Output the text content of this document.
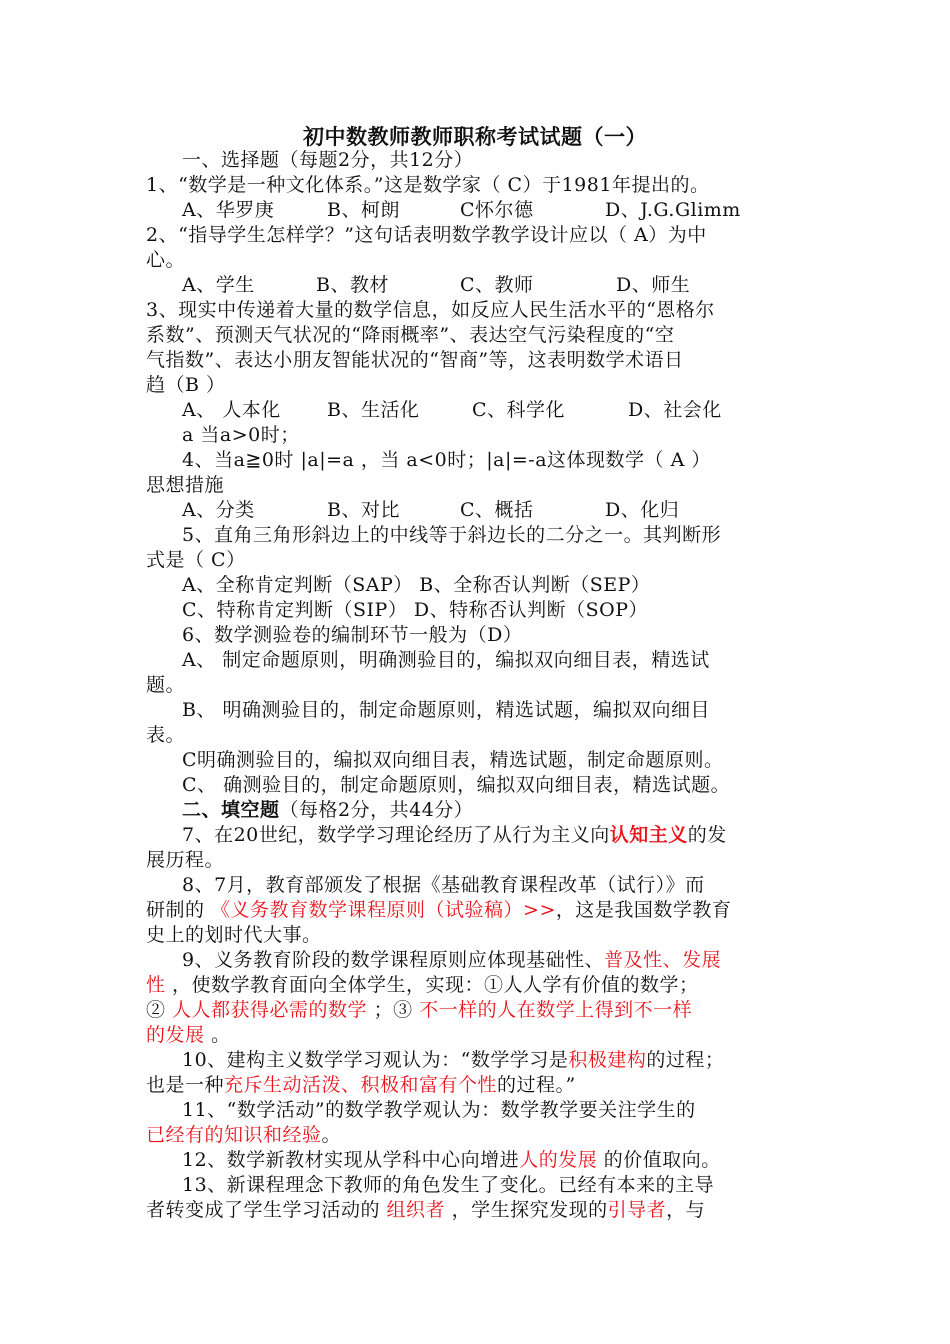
初中数教师教师职称考试试题（一）
一、选择题（每题2分，共12分）
1、“数学是一种文化体系。”这是数学家（ C）于1981年提出的。
A、华罗庚	B、柯朗	C怀尔德	D、J.G.Glimm
2、“指导学生怎样学？”这句话表明数学教学设计应以（ A）为中
心。
A、学生	B、教材	C、教师	D、师生
3、现实中传递着大量的数学信息，如反应人民生活水平的“恩格尔
系数”、预测天气状况的“降雨概率”、表达空气污染程度的“空
气指数”、表达小朋友智能状况的“智商”等，这表明数学术语日
趋（B ）
A、 人本化 B、生活化	C、科学化	D、社会化
a 当a>0时；
4、当a≧0时 |a|=a ，当 a<0时；|a|=-a这体现数学（ A ）
思想措施
A、分类	B、对比	C、概括	D、化归
5、直角三角形斜边上的中线等于斜边长的二分之一。其判断形
式是（ C）
A、全称肯定判断（SAP） B、全称否认判断（SEP）
C、特称肯定判断（SIP） D、特称否认判断（SOP）
6、数学测验卷的编制环节一般为（D）
A、 制定命题原则，明确测验目的，编拟双向细目表，精选试
题。
B、 明确测验目的，制定命题原则，精选试题，编拟双向细目
表。
C明确测验目的，编拟双向细目表，精选试题，制定命题原则。
C、 确测验目的，制定命题原则，编拟双向细目表，精选试题。
二、填空题（每格2分，共44分）
7、在20世纪，数学学习理论经历了从行为主义向认知主义的发
展历程。
8、7月，教育部颁发了根据《基础教育课程改革（试行）》而
研制的 《义务教育数学课程原则（试验稿）>>，这是我国数学教育
史上的划时代大事。
9、义务教育阶段的数学课程原则应体现基础性、普及性、发展
性 ，使数学教育面向全体学生，实现：①人人学有价值的数学；
② 人人都获得必需的数学 ；③ 不一样的人在数学上得到不一样
的发展 。
10、建构主义数学学习观认为：“数学学习是积极建构的过程；
也是一种充斥生动活泼、积极和富有个性的过程。”
11、“数学活动”的数学教学观认为：数学教学要关注学生的
已经有的知识和经验。
12、数学新教材实现从学科中心向增进人的发展 的价值取向。
13、新课程理念下教师的角色发生了变化。已经有本来的主导
者转变成了学生学习活动的 组织者 ，学生探究发现的引导者，与
